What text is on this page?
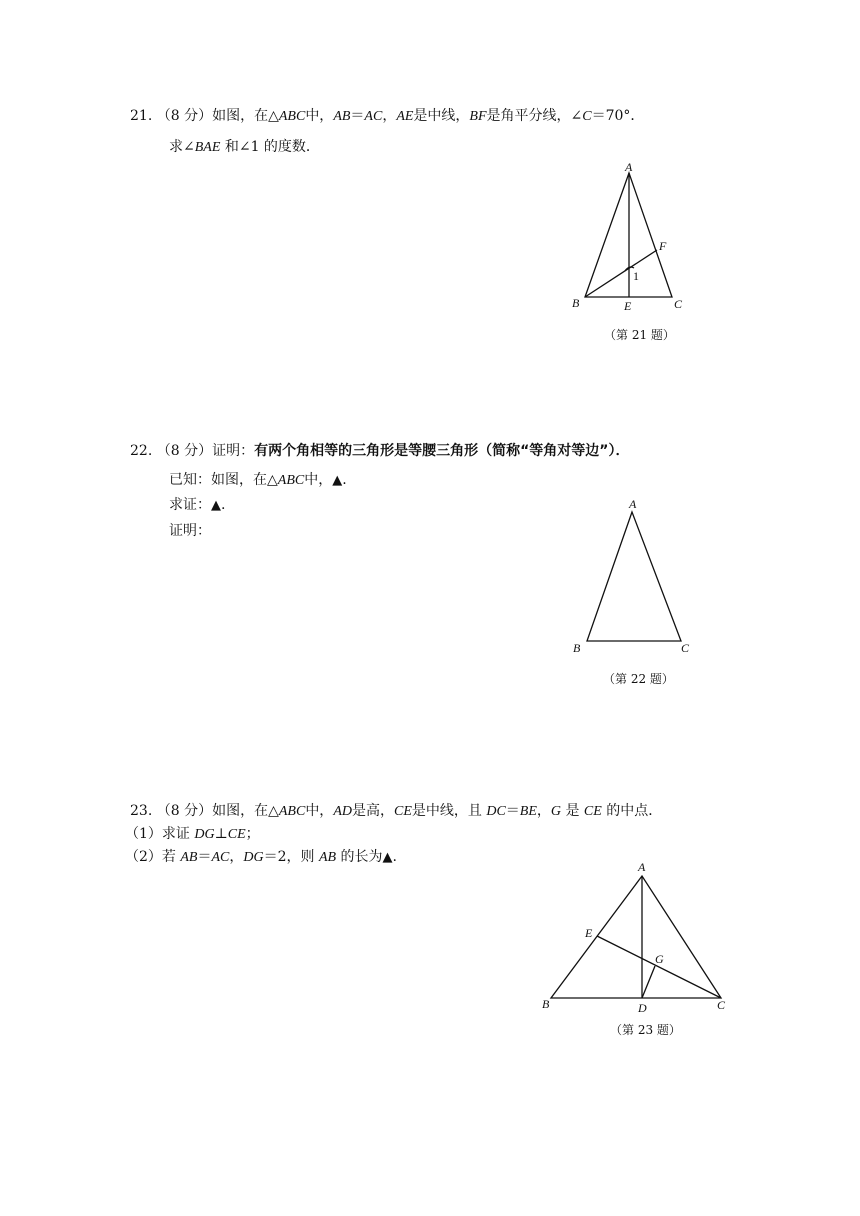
21. （8 分）如图，在△ABC中，AB＝AC，AE是中线，BF是角平分线，∠C＝70°．
求∠BAE 和∠1 的度数．
A
B	C
E
F
1
（第 21 题）
22. （8 分）证明：有两个角相等的三角形是等腰三角形（简称“等角对等边”）．
已知：如图，在△ABC中，▲.
求证：▲.
证明：
A
B	C
（第 22 题）
23. （8 分）如图，在△ABC中，AD是高，CE是中线，且 DC＝BE，G 是 CE 的中点．
（1）求证 DG⊥CE；
（2）若 AB＝AC，DG＝2，则 AB 的长为▲.
A
B	C
D
E
G
（第 23 题）
